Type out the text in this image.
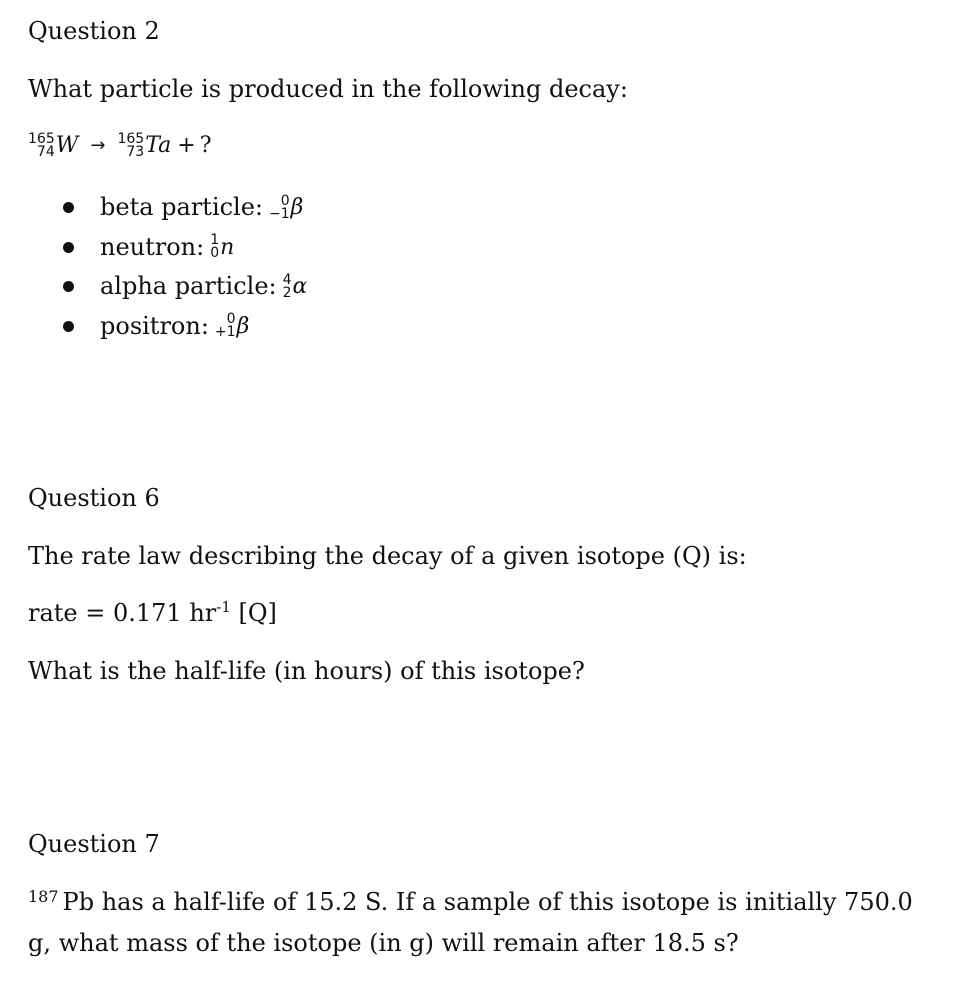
Question 2
What particle is produced in the following decay:
165
74 W → 165
73 Ta + ?
beta particle: 0
−1 β
neutron: 1
0 n
alpha particle: 4
2 α
positron: 0
+1 β
Question 6
The rate law describing the decay of a given isotope (Q) is:
rate = 0.171 $hr^{-1}$ [Q]
What is the half-life (in hours) of this isotope?
Question 7
$^{187}$ Pb has a half-life of 15.2 S. If a sample of this isotope is initially 750.0 g, what mass of the isotope (in g) will remain after 18.5 s?
